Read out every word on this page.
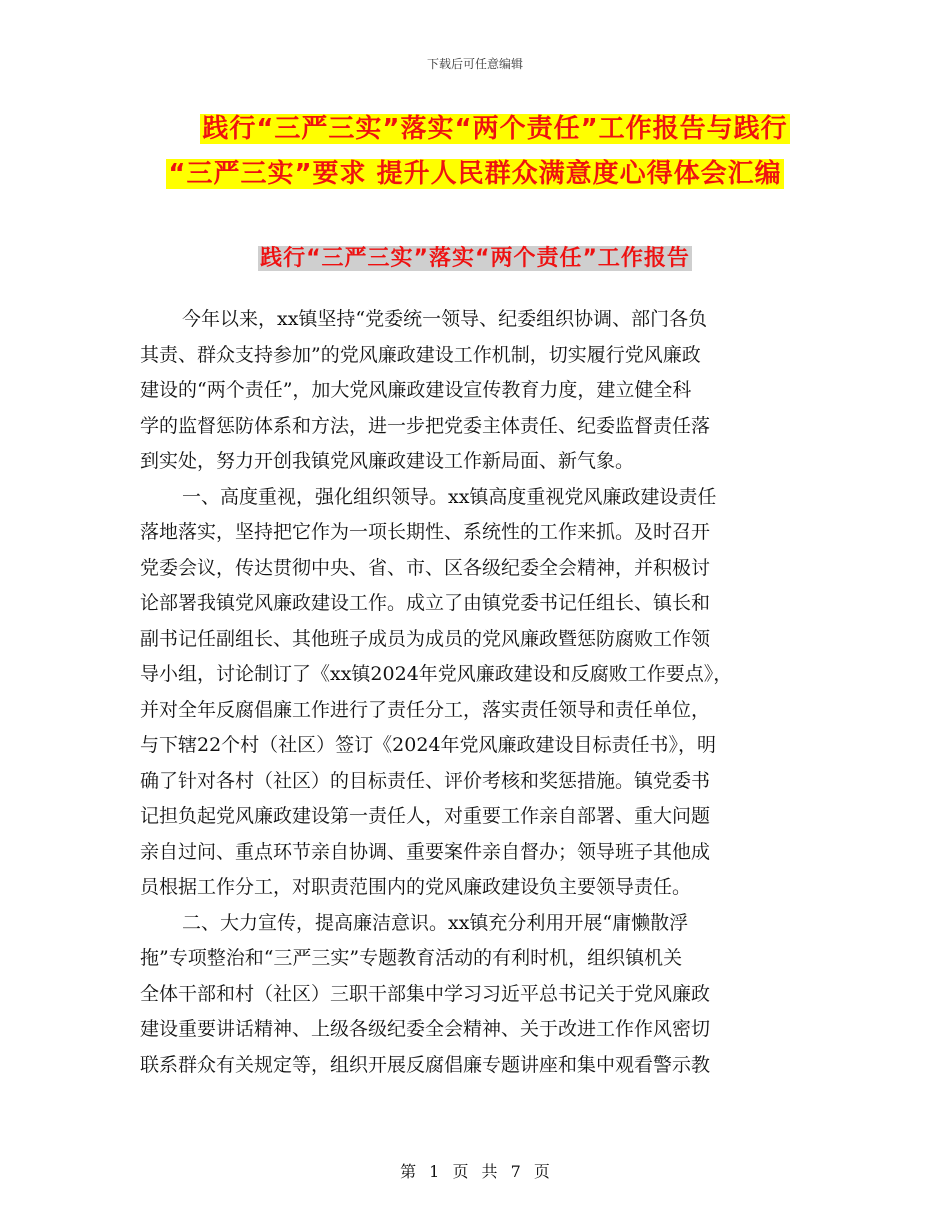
下载后可任意编辑
践行“三严三实”落实“两个责任”工作报告与践行
“三严三实”要求 提升人民群众满意度心得体会汇编
践行“三严三实”落实“两个责任”工作报告
今年以来，xx镇坚持“党委统一领导、纪委组织协调、部门各负
其责、群众支持参加”的党风廉政建设工作机制，切实履行党风廉政
建设的“两个责任”，加大党风廉政建设宣传教育力度，建立健全科
学的监督惩防体系和方法，进一步把党委主体责任、纪委监督责任落
到实处，努力开创我镇党风廉政建设工作新局面、新气象。
一、高度重视，强化组织领导。xx镇高度重视党风廉政建设责任
落地落实，坚持把它作为一项长期性、系统性的工作来抓。及时召开
党委会议，传达贯彻中央、省、市、区各级纪委全会精神，并积极讨
论部署我镇党风廉政建设工作。成立了由镇党委书记任组长、镇长和
副书记任副组长、其他班子成员为成员的党风廉政暨惩防腐败工作领
导小组，讨论制订了《xx镇2024年党风廉政建设和反腐败工作要点》，
并对全年反腐倡廉工作进行了责任分工，落实责任领导和责任单位，
与下辖22个村（社区）签订《2024年党风廉政建设目标责任书》，明
确了针对各村（社区）的目标责任、评价考核和奖惩措施。镇党委书
记担负起党风廉政建设第一责任人，对重要工作亲自部署、重大问题
亲自过问、重点环节亲自协调、重要案件亲自督办；领导班子其他成
员根据工作分工，对职责范围内的党风廉政建设负主要领导责任。
二、大力宣传，提高廉洁意识。xx镇充分利用开展“庸懒散浮
拖”专项整治和“三严三实”专题教育活动的有利时机，组织镇机关
全体干部和村（社区）三职干部集中学习习近平总书记关于党风廉政
建设重要讲话精神、上级各级纪委全会精神、关于改进工作作风密切
联系群众有关规定等，组织开展反腐倡廉专题讲座和集中观看警示教
第 1 页 共 7 页
